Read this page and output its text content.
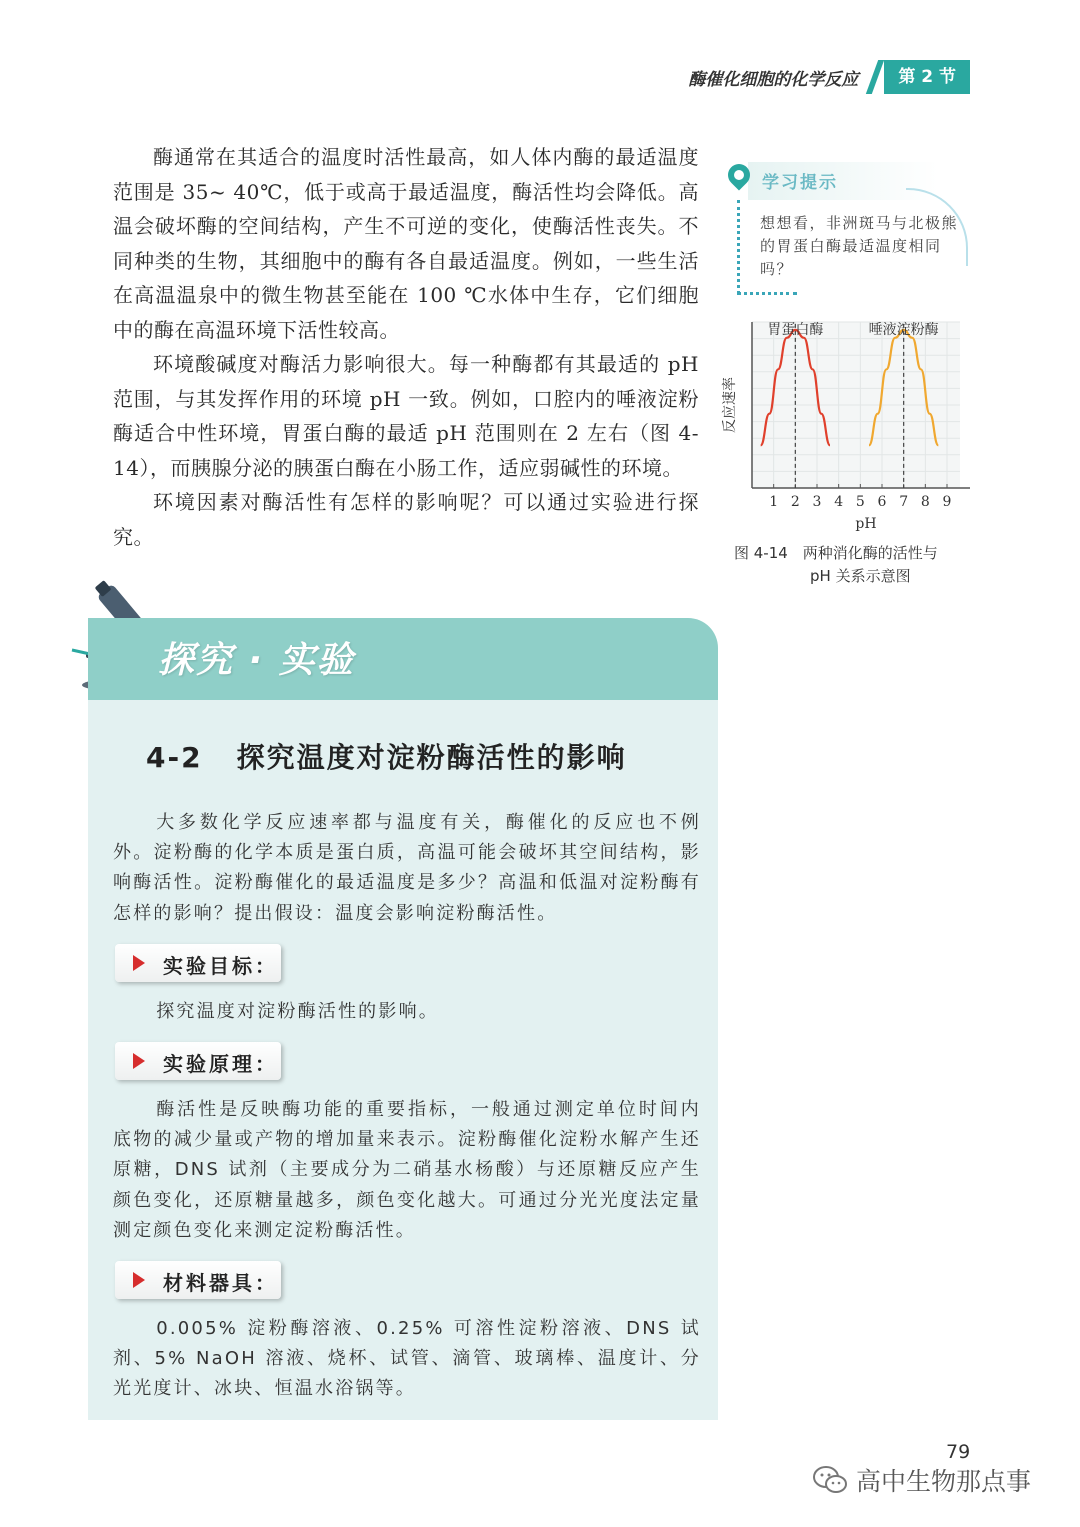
酶催化细胞的化学反应	第 2 节

酶通常在其适合的温度时活性最高，如人体内酶的最适温度范围是 35~ 40℃，低于或高于最适温度，酶活性均会降低。高温会破坏酶的空间结构，产生不可逆的变化，使酶活性丧失。不同种类的生物，其细胞中的酶有各自最适温度。例如，一些生活在高温温泉中的微生物甚至能在 100 ℃水体中生存，它们细胞中的酶在高温环境下活性较高。

环境酸碱度对酶活力影响很大。每一种酶都有其最适的 pH 范围，与其发挥作用的环境 pH 一致。例如，口腔内的唾液淀粉酶适合中性环境，胃蛋白酶的最适 pH 范围则在 2 左右（图 4-14），而胰腺分泌的胰蛋白酶在小肠工作，适应弱碱性的环境。

环境因素对酶活性有怎样的影响呢？可以通过实验进行探究。

学习提示
想想看，非洲斑马与北极熊的胃蛋白酶最适温度相同吗？
1 2 3 4 5 6 7 8 9
pH
反应速率
胃蛋白酶	唾液淀粉酶
图 4-14　两种消化酶的活性与
pH 关系示意图
探究 · 实验
4-2 探究温度对淀粉酶活性的影响

大多数化学反应速率都与温度有关，酶催化的反应也不例外。淀粉酶的化学本质是蛋白质，高温可能会破坏其空间结构，影响酶活性。淀粉酶催化的最适温度是多少？高温和低温对淀粉酶有怎样的影响？提出假设：温度会影响淀粉酶活性。

实验目标：

探究温度对淀粉酶活性的影响。

实验原理：

酶活性是反映酶功能的重要指标，一般通过测定单位时间内底物的减少量或产物的增加量来表示。淀粉酶催化淀粉水解产生还原糖，DNS 试剂（主要成分为二硝基水杨酸）与还原糖反应产生颜色变化，还原糖量越多，颜色变化越大。可通过分光光度法定量测定颜色变化来测定淀粉酶活性。

材料器具：

0.005% 淀粉酶溶液、0.25% 可溶性淀粉溶液、DNS 试剂、5% NaOH 溶液、烧杯、试管、滴管、玻璃棒、温度计、分光光度计、冰块、恒温水浴锅等。

79
高中生物那点事
